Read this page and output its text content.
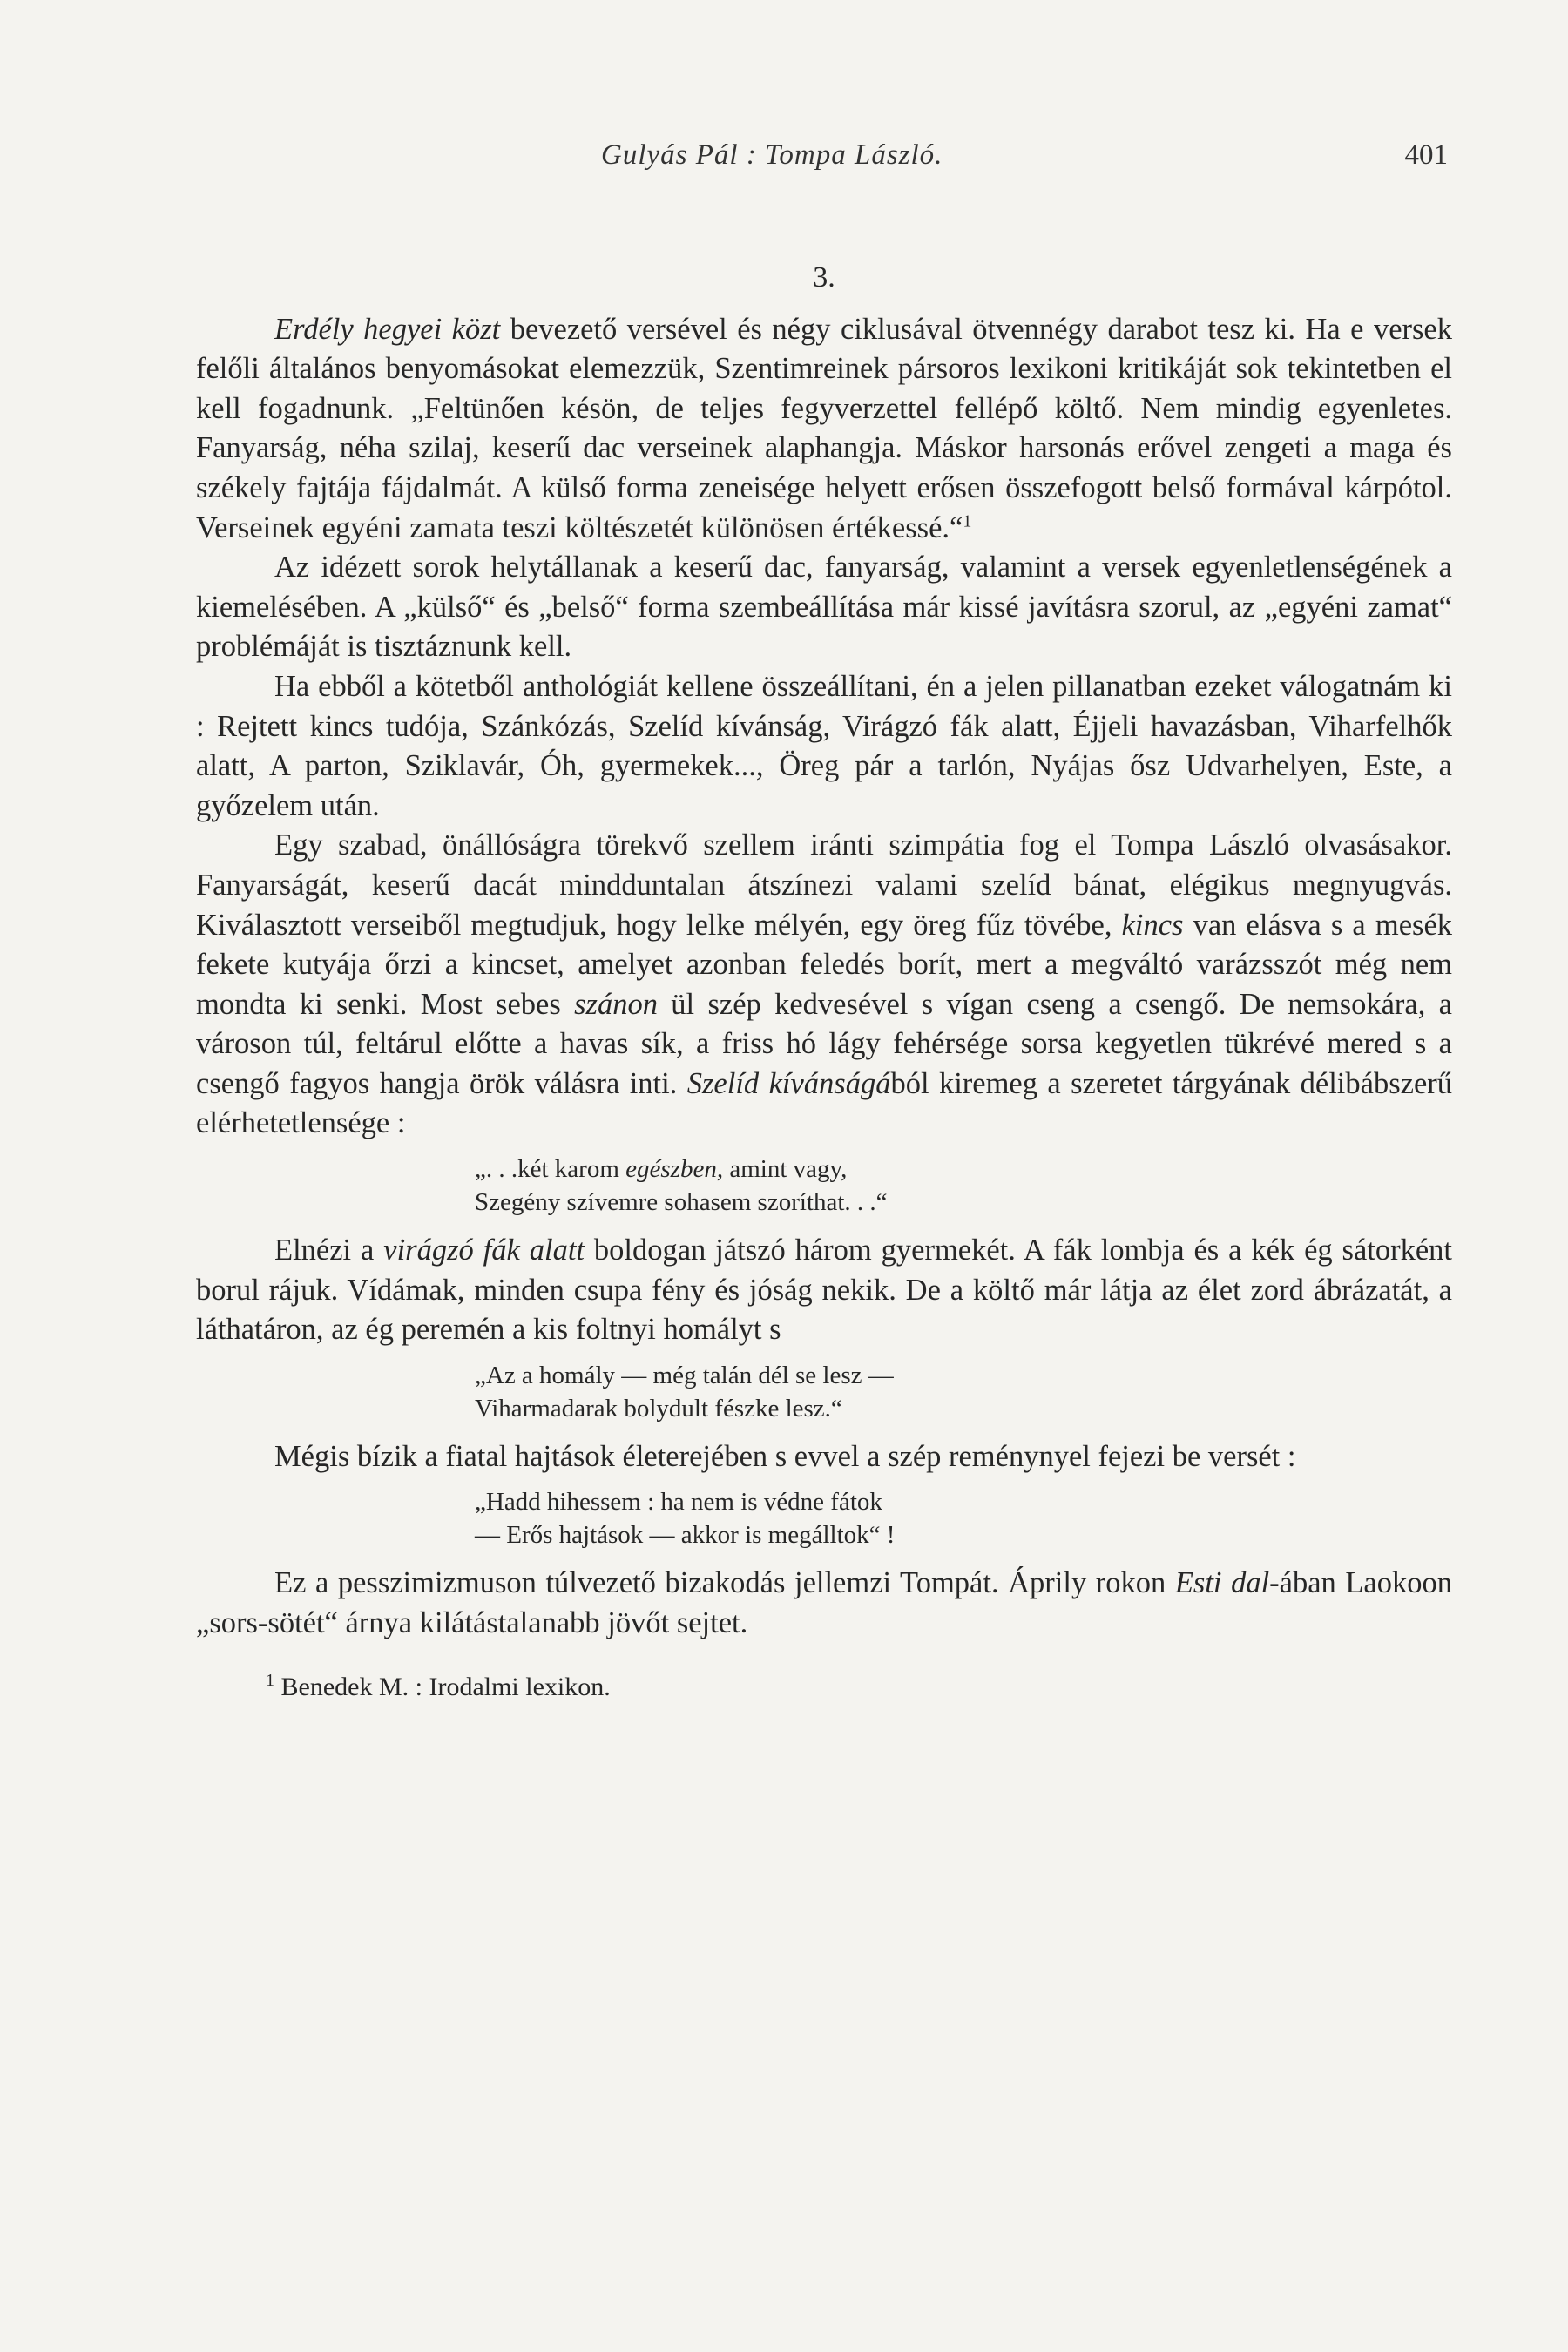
Gulyás Pál : Tompa László.	401
3.

Erdély hegyei közt bevezető versével és négy ciklusával ötvennégy darabot tesz ki. Ha e versek felőli általános benyomásokat elemezzük, Szentimreinek pársoros lexikoni kritikáját sok tekintetben el kell fogadnunk. „Feltünően késön, de teljes fegyverzettel fellépő költő. Nem mindig egyenletes. Fanyarság, néha szilaj, keserű dac verseinek alaphangja. Máskor harsonás erővel zengeti a maga és székely fajtája fájdalmát. A külső forma zeneisége helyett erősen összefogott belső formával kárpótol. Verseinek egyéni zamata teszi költészetét különösen értékessé.“$^1$

Az idézett sorok helytállanak a keserű dac, fanyarság, valamint a versek egyenletlenségének a kiemelésében. A „külső“ és „belső“ forma szembeállítása már kissé javításra szorul, az „egyéni zamat“ problémáját is tisztáznunk kell.

Ha ebből a kötetből anthológiát kellene összeállítani, én a jelen pillanatban ezeket válogatnám ki : Rejtett kincs tudója, Szánkózás, Szelíd kívánság, Virágzó fák alatt, Éjjeli havazásban, Viharfelhők alatt, A parton, Sziklavár, Óh, gyermekek..., Öreg pár a tarlón, Nyájas ősz Udvarhelyen, Este, a győzelem után.

Egy szabad, önállóságra törekvő szellem iránti szimpátia fog el Tompa László olvasásakor. Fanyarságát, keserű dacát mindduntalan átszínezi valami szelíd bánat, elégikus megnyugvás. Kiválasztott verseiből megtudjuk, hogy lelke mélyén, egy öreg fűz tövébe, kincs van elásva s a mesék fekete kutyája őrzi a kincset, amelyet azonban feledés borít, mert a megváltó varázsszót még nem mondta ki senki. Most sebes szánon ül szép kedvesével s vígan cseng a csengő. De nemsokára, a városon túl, feltárul előtte a havas sík, a friss hó lágy fehérsége sorsa kegyetlen tükrévé mered s a csengő fagyos hangja örök válásra inti. Szelíd kívánságából kiremeg a szeretet tárgyának délibábszerű elérhetetlensége :

„. . .két karom egészben, amint vagy,
Szegény szívemre sohasem szoríthat. . .“

Elnézi a virágzó fák alatt boldogan játszó három gyermekét. A fák lombja és a kék ég sátorként borul rájuk. Vídámak, minden csupa fény és jóság nekik. De a költő már látja az élet zord ábrázatát, a láthatáron, az ég peremén a kis foltnyi homályt s

„Az a homály — még talán dél se lesz —
Viharmadarak bolydult fészke lesz.“

Mégis bízik a fiatal hajtások életerejében s evvel a szép reménynyel fejezi be versét :

„Hadd hihessem : ha nem is védne fátok
— Erős hajtások — akkor is megálltok“ !

Ez a pesszimizmuson túlvezető bizakodás jellemzi Tompát. Áprily rokon Esti dal-ában Laokoon „sors-sötét“ árnya kilátástalanabb jövőt sejtet.

$^1$ Benedek M. : Irodalmi lexikon.
